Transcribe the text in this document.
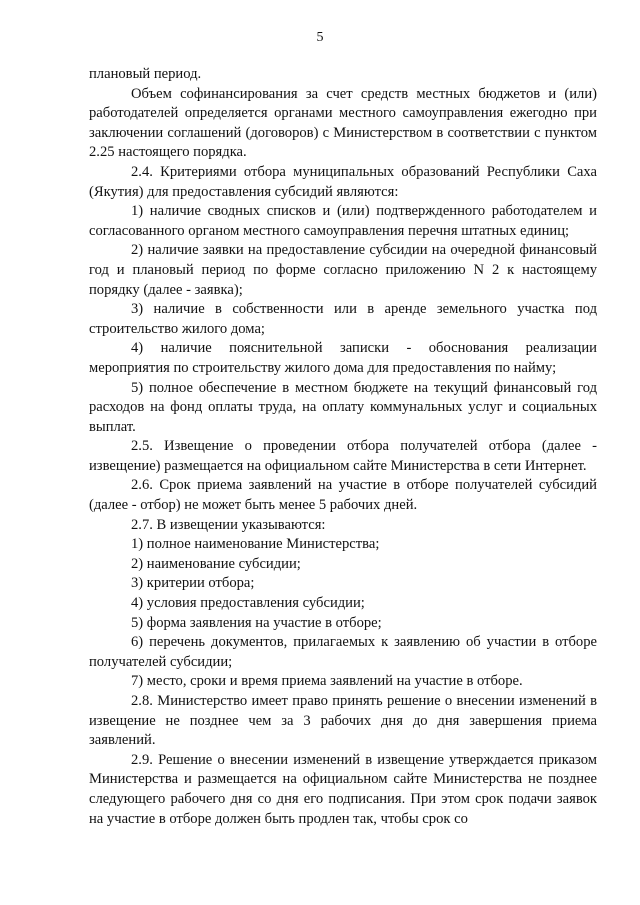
5

плановый период.

Объем софинансирования за счет средств местных бюджетов и (или) работодателей определяется органами местного самоуправления ежегодно при заключении соглашений (договоров) с Министерством в соответствии с пунктом 2.25 настоящего порядка.

2.4. Критериями отбора муниципальных образований Республики Саха (Якутия) для предоставления субсидий являются:

1) наличие сводных списков и (или) подтвержденного работодателем и согласованного органом местного самоуправления перечня штатных единиц;

2) наличие заявки на предоставление субсидии на очередной финансовый год и плановый период по форме согласно приложению N 2 к настоящему порядку (далее - заявка);

3) наличие в собственности или в аренде земельного участка под строительство жилого дома;

4) наличие пояснительной записки - обоснования реализации мероприятия по строительству жилого дома для предоставления по найму;

5) полное обеспечение в местном бюджете на текущий финансовый год расходов на фонд оплаты труда, на оплату коммунальных услуг и социальных выплат.

2.5. Извещение о проведении отбора получателей отбора (далее - извещение) размещается на официальном сайте Министерства в сети Интернет.

2.6. Срок приема заявлений на участие в отборе получателей субсидий (далее - отбор) не может быть менее 5 рабочих дней.

2.7. В извещении указываются:

1) полное наименование Министерства;

2) наименование субсидии;

3) критерии отбора;

4) условия предоставления субсидии;

5) форма заявления на участие в отборе;

6) перечень документов, прилагаемых к заявлению об участии в отборе получателей субсидии;

7) место, сроки и время приема заявлений на участие в отборе.

2.8. Министерство имеет право принять решение о внесении изменений в извещение не позднее чем за 3 рабочих дня до дня завершения приема заявлений.

2.9. Решение о внесении изменений в извещение утверждается приказом Министерства и размещается на официальном сайте Министерства не позднее следующего рабочего дня со дня его подписания. При этом срок подачи заявок на участие в отборе должен быть продлен так, чтобы срок со
